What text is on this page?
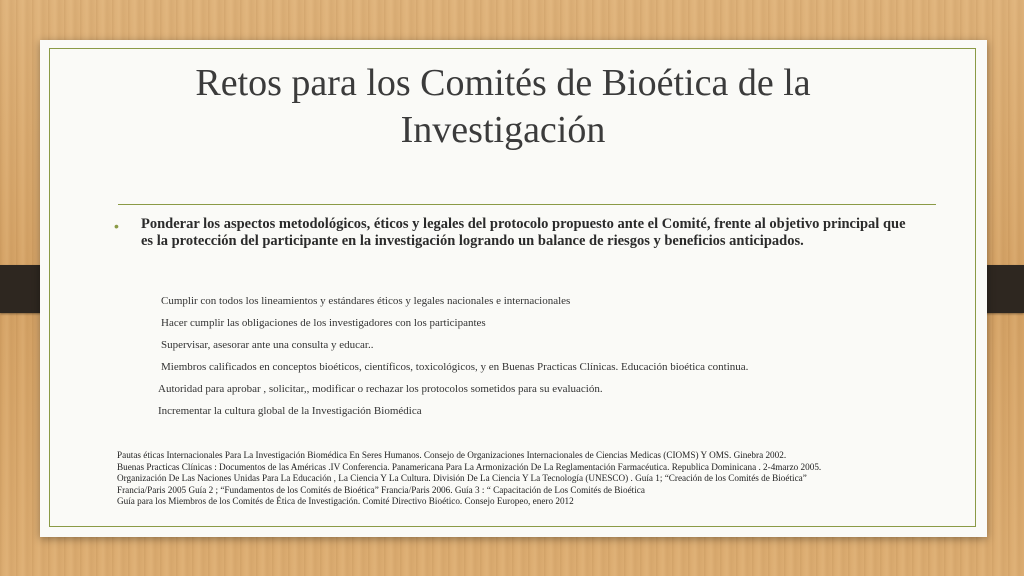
Retos para los Comités de Bioética de la Investigación
• Ponderar los aspectos metodológicos, éticos y legales del protocolo propuesto ante el Comité, frente al objetivo principal que es la protección del participante en la investigación logrando un balance de riesgos y beneficios anticipados.
Cumplir con todos los lineamientos y estándares éticos y legales nacionales e internacionales
Hacer cumplir las obligaciones de los investigadores con los participantes
Supervisar, asesorar ante una consulta y educar..
Miembros calificados en conceptos bioéticos, científicos, toxicológicos, y en Buenas Practicas Clínicas. Educación bioética continua.
Autoridad para aprobar , solicitar,, modificar o rechazar los protocolos sometidos para su evaluación.
Incrementar la cultura global de la Investigación Biomédica
Pautas éticas Internacionales Para La Investigación Biomédica En Seres Humanos. Consejo de Organizaciones Internacionales de Ciencias Medicas (CIOMS) Y OMS. Ginebra 2002.
Buenas Practicas Clínicas : Documentos de las Américas .IV Conferencia. Panamericana Para La Armonización De La Reglamentación Farmacéutica. Republica Dominicana . 2-4marzo 2005.
Organización De Las Naciones Unidas Para La Educación , La Ciencia Y La Cultura. División De La Ciencia Y La Tecnología (UNESCO) . Guía 1; “Creación de los Comités de Bioética”
Francia/Paris 2005 Guía 2 ; “Fundamentos de los Comités de Bioética” Francia/Paris 2006. Guía 3 : “ Capacitación de Los Comités de Bioética
Guía para los Miembros de los Comités de Ética de Investigación. Comité Directivo Bioético. Consejo Europeo, enero 2012
